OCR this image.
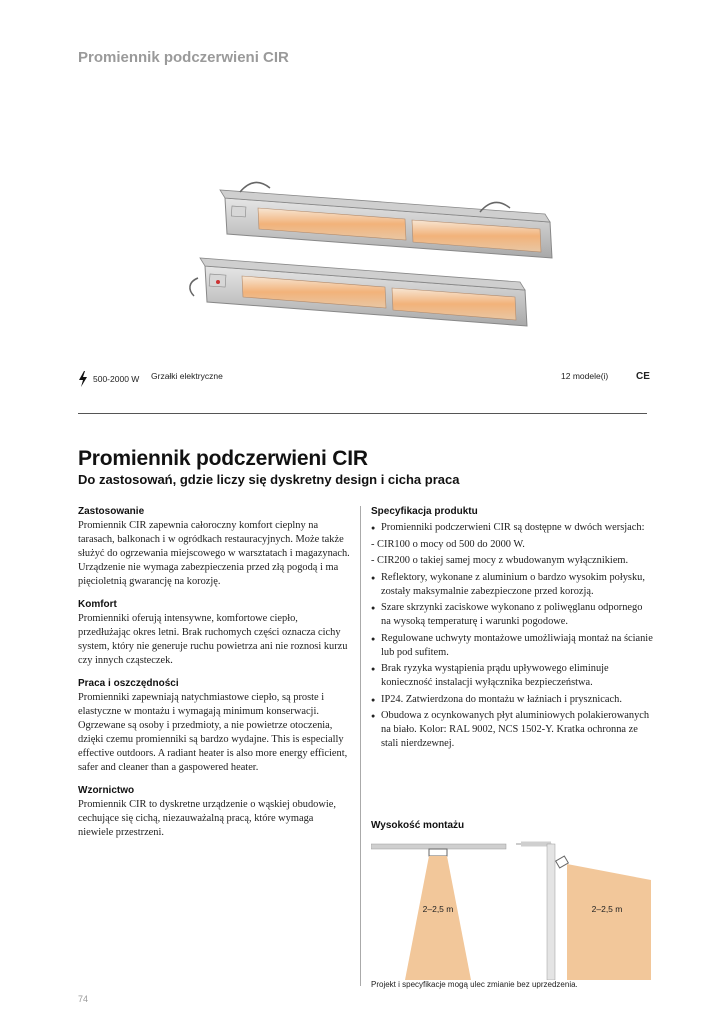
Promiennik podczerwieni CIR
500-2000 W Grzałki elektryczne	12 modele(i)	CE
Promiennik podczerwieni CIR
Do zastosowań, gdzie liczy się dyskretny design i cicha praca
Zastosowanie

Promiennik CIR zapewnia całoroczny komfort cieplny na tarasach, balkonach i w ogródkach restauracyjnych. Może także służyć do ogrzewania miejscowego w warsztatach i magazynach. Urządzenie nie wymaga zabezpieczenia przed złą pogodą i ma pięcioletnią gwarancję na korozję.

Komfort

Promienniki oferują intensywne, komfortowe ciepło, przedłużając okres letni. Brak ruchomych części oznacza cichy system, który nie generuje ruchu powietrza ani nie roznosi kurzu czy innych cząsteczek.

Praca i oszczędności

Promienniki zapewniają natychmiastowe ciepło, są proste i elastyczne w montażu i wymagają minimum konserwacji. Ogrzewane są osoby i przedmioty, a nie powietrze otoczenia, dzięki czemu promienniki są bardzo wydajne. This is especially effective outdoors. A radiant heater is also more energy efficient, safer and cleaner than a gaspowered heater.

Wzornictwo

Promiennik CIR to dyskretne urządzenie o wąskiej obudowie, cechujące się cichą, niezauważalną pracą, które wymaga niewiele przestrzeni.

Specyfikacja produktu
● Promienniki podczerwieni CIR są dostępne w dwóch wersjach:
- CIR100 o mocy od 500 do 2000 W.
- CIR200 o takiej samej mocy z wbudowanym wyłącznikiem.
● Reflektory, wykonane z aluminium o bardzo wysokim połysku, zostały maksymalnie zabezpieczone przed korozją.
● Szare skrzynki zaciskowe wykonano z poliwęglanu odpornego na wysoką temperaturę i warunki pogodowe.
● Regulowane uchwyty montażowe umożliwiają montaż na ścianie lub pod sufitem.
● Brak ryzyka wystąpienia prądu upływowego eliminuje konieczność instalacji wyłącznika bezpieczeństwa.
● IP24. Zatwierdzona do montażu w łaźniach i prysznicach.
● Obudowa z ocynkowanych płyt aluminiowych polakierowanych na biało. Kolor: RAL 9002, NCS 1502-Y. Kratka ochronna ze stali nierdzewnej.
Wysokość montażu
2–2,5 m	2–2,5 m
Projekt i specyfikacje mogą ulec zmianie bez uprzedzenia.
74
